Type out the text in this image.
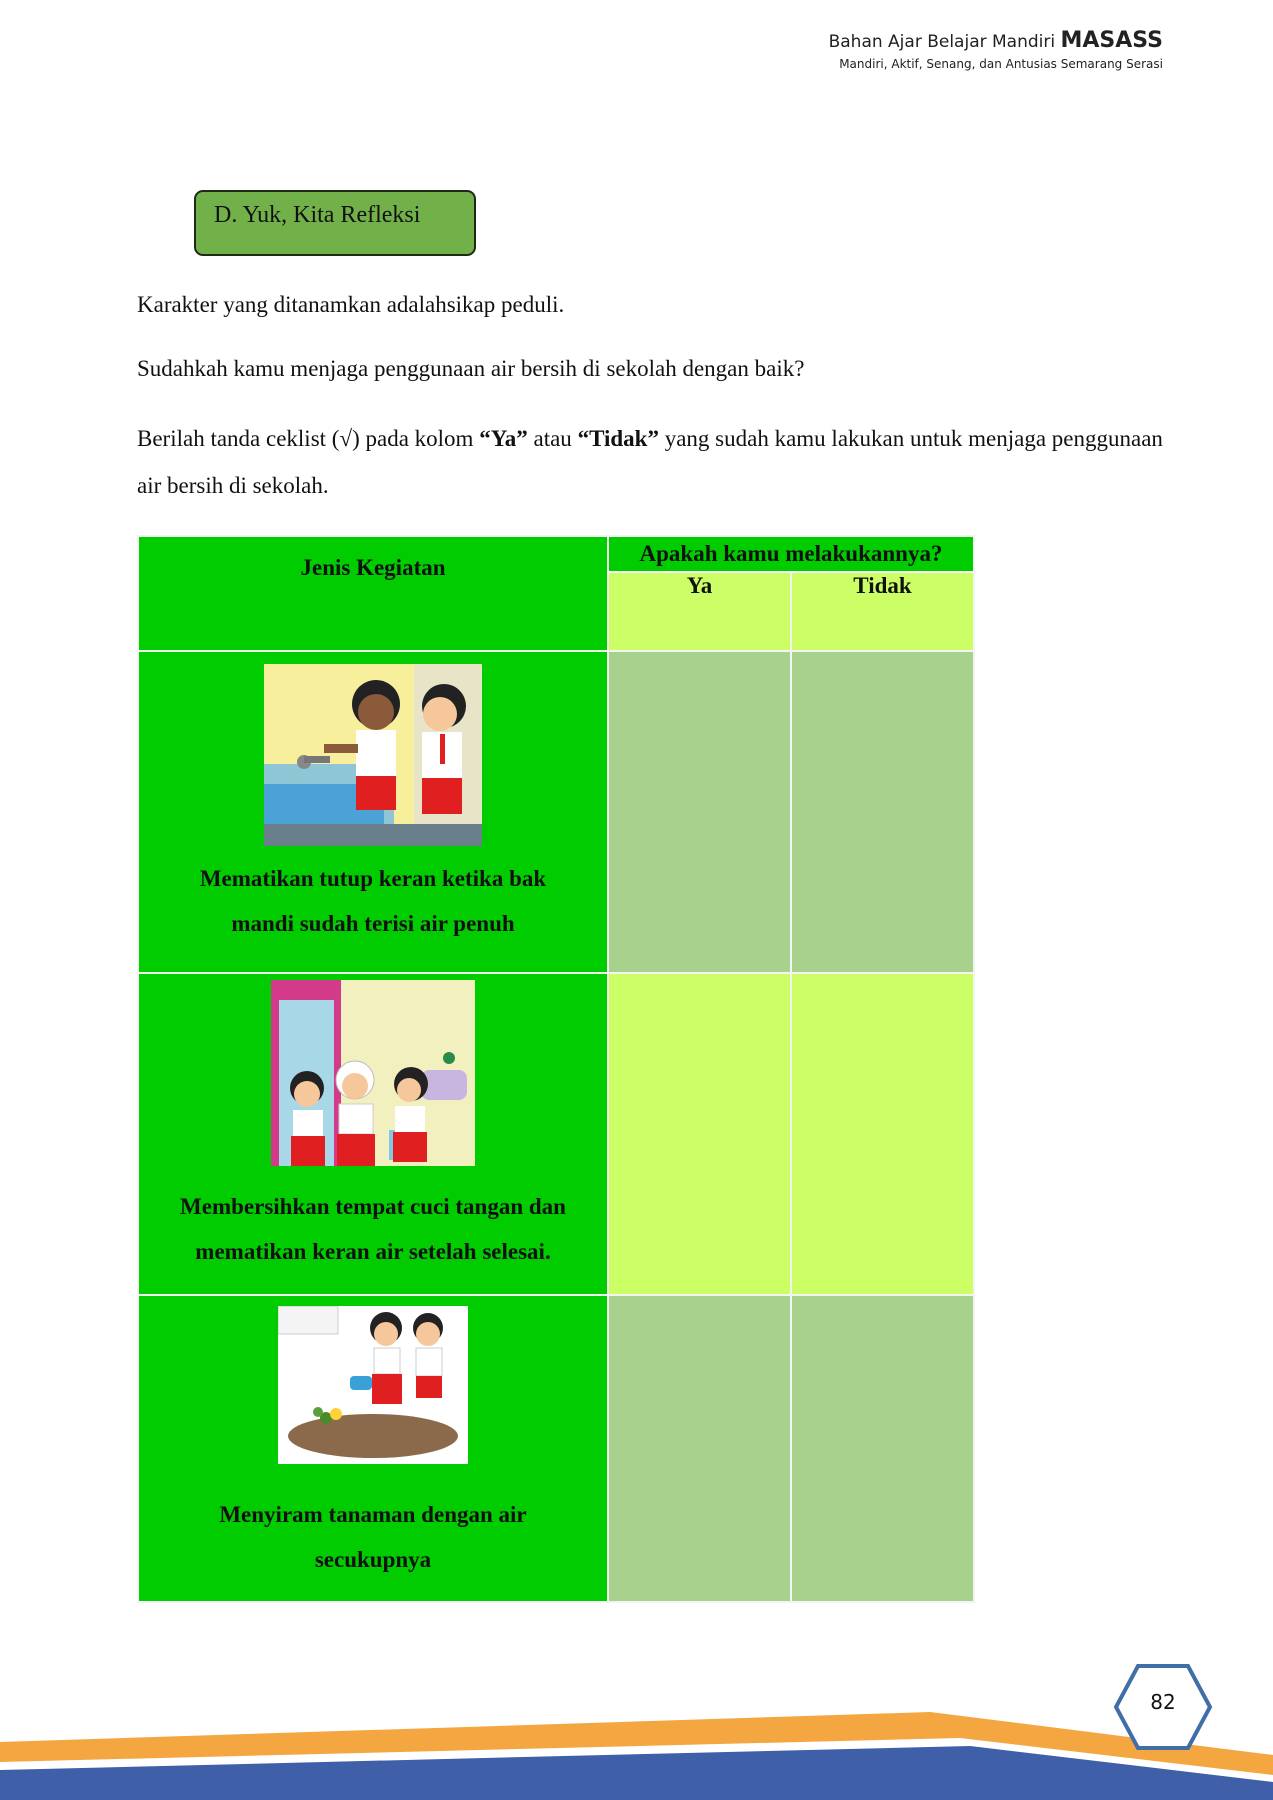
Bahan Ajar Belajar Mandiri MASASS
Mandiri, Aktif, Senang, dan Antusias Semarang Serasi
D. Yuk, Kita Refleksi
Karakter yang ditanamkan adalahsikap peduli.
Sudahkah kamu menjaga penggunaan air bersih di sekolah dengan baik?
Berilah tanda ceklist (√) pada kolom “Ya” atau “Tidak” yang sudah kamu lakukan untuk menjaga penggunaan air bersih di sekolah.
Jenis Kegiatan	Apakah kamu melakukannya?	
	Ya	Tidak

Mematikan tutup keran ketika bak
mandi sudah terisi air penuh		

Membersihkan tempat cuci tangan dan
mematikan keran air setelah selesai.		

Menyiram tanaman dengan air
secukupnya		

82
